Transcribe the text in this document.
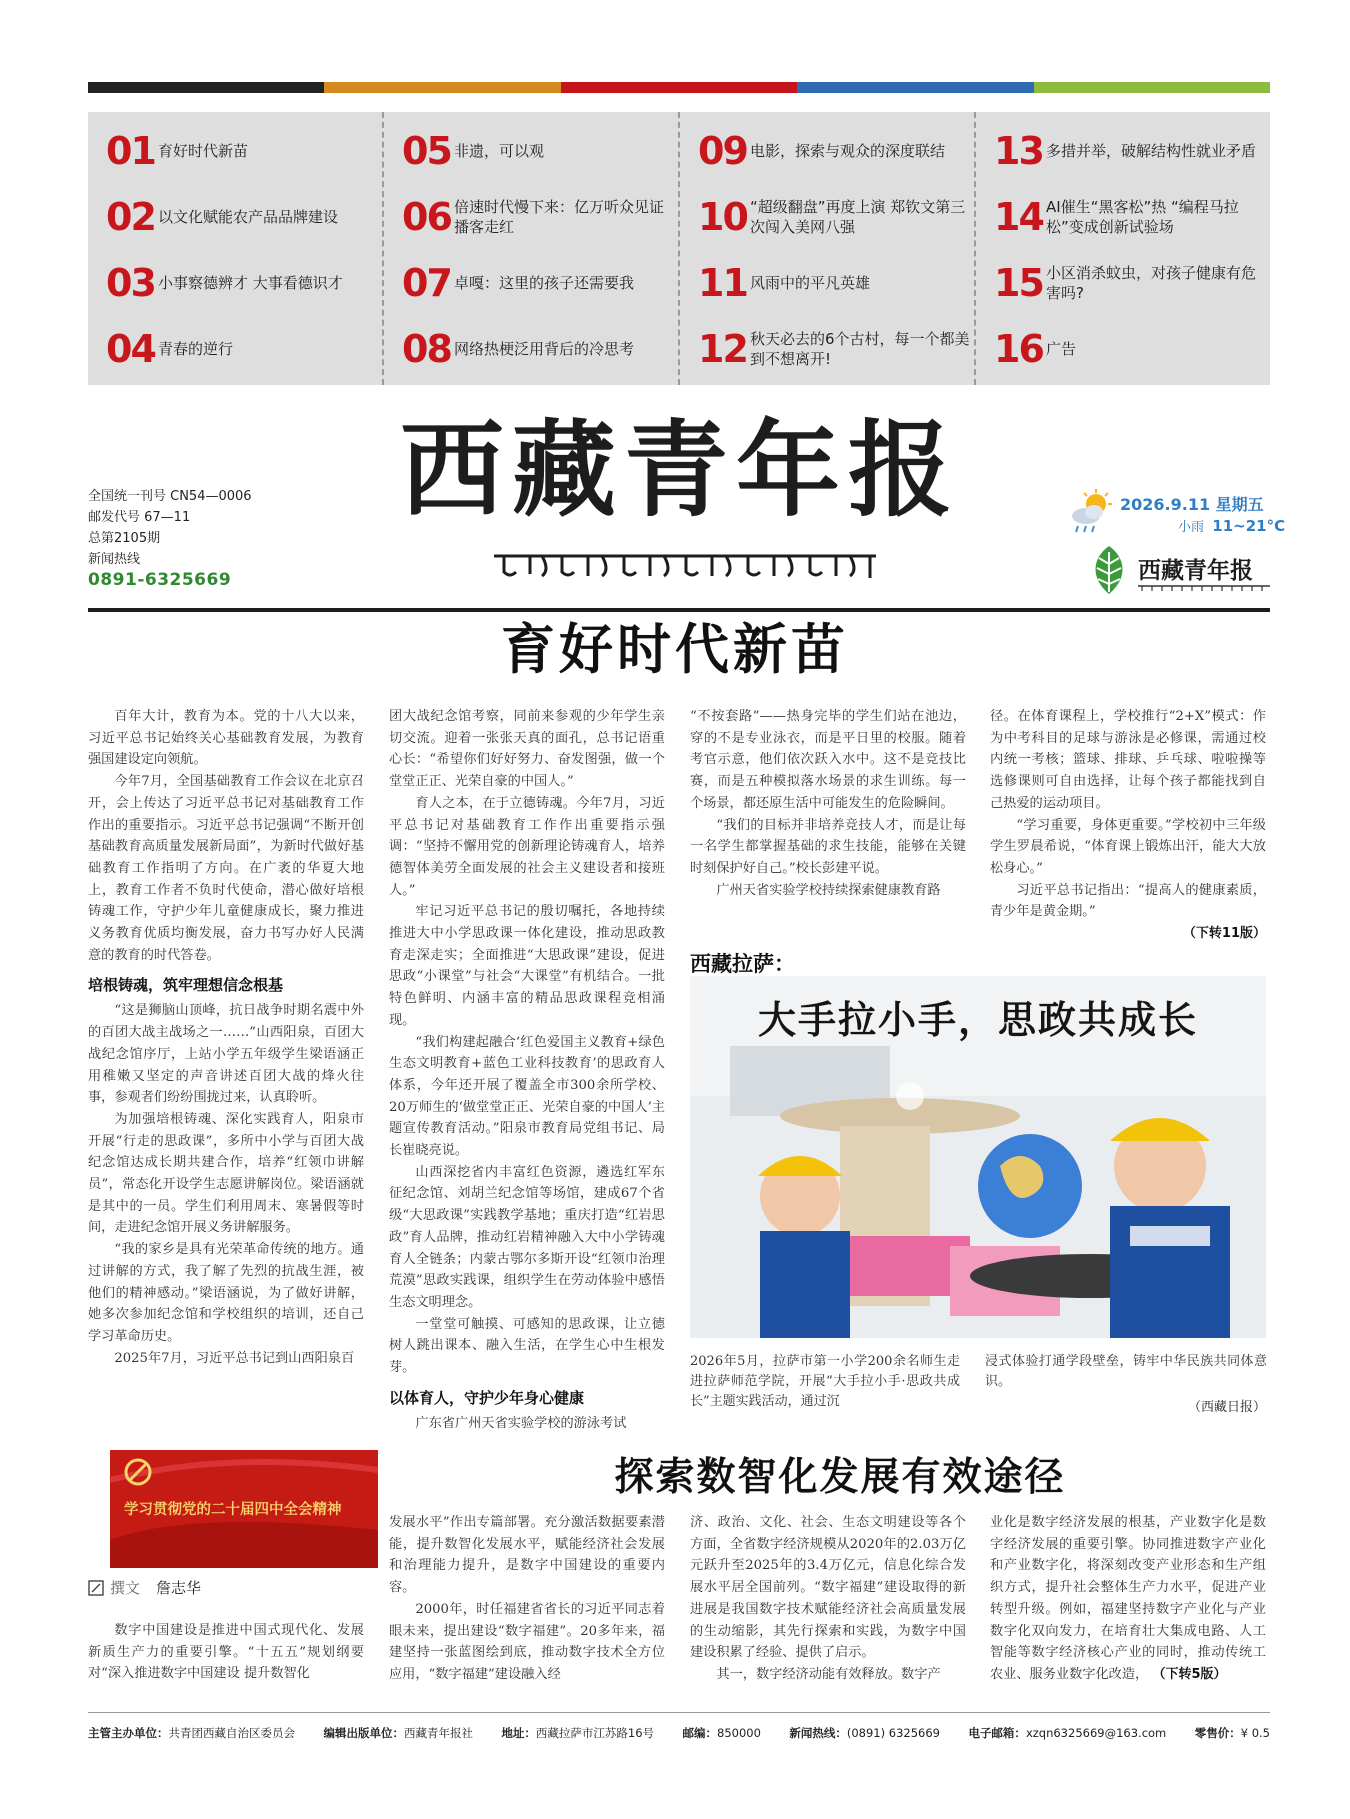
01 育好时代新苗
02 以文化赋能农产品品牌建设
03 小事察德辨才 大事看德识才
04 青春的逆行
05 非遗，可以观
06 倍速时代慢下来：亿万听众见证播客走红
07 卓嘎：这里的孩子还需要我
08 网络热梗泛用背后的冷思考
09 电影，探索与观众的深度联结
10 “超级翻盘”再度上演 郑钦文第三次闯入美网八强
11 风雨中的平凡英雄
12 秋天必去的6个古村，每一个都美到不想离开!
13 多措并举，破解结构性就业矛盾
14 AI催生“黑客松”热 “编程马拉松”变成创新试验场
15 小区消杀蚊虫，对孩子健康有危害吗?
16 广告
西藏青年报
全国统一刊号 CN54—0006
邮发代号 67—11
总第2105期
新闻热线
0891-6325669
2026.9.11 星期五
小雨 11~21°C
西藏青年报
育好时代新苗

百年大计，教育为本。党的十八大以来，习近平总书记始终关心基础教育发展，为教育强国建设定向领航。

今年7月，全国基础教育工作会议在北京召开，会上传达了习近平总书记对基础教育工作作出的重要指示。习近平总书记强调“不断开创基础教育高质量发展新局面”，为新时代做好基础教育工作指明了方向。在广袤的华夏大地上，教育工作者不负时代使命，潜心做好培根铸魂工作，守护少年儿童健康成长，聚力推进义务教育优质均衡发展，奋力书写办好人民满意的教育的时代答卷。

培根铸魂，筑牢理想信念根基

“这是狮脑山顶峰，抗日战争时期名震中外的百团大战主战场之一……”山西阳泉，百团大战纪念馆序厅，上站小学五年级学生梁语涵正用稚嫩又坚定的声音讲述百团大战的烽火往事，参观者们纷纷围拢过来，认真聆听。

为加强培根铸魂、深化实践育人，阳泉市开展“行走的思政课”，多所中小学与百团大战纪念馆达成长期共建合作，培养“红领巾讲解员”，常态化开设学生志愿讲解岗位。梁语涵就是其中的一员。学生们利用周末、寒暑假等时间，走进纪念馆开展义务讲解服务。

“我的家乡是具有光荣革命传统的地方。通过讲解的方式，我了解了先烈的抗战生涯，被他们的精神感动。”梁语涵说，为了做好讲解，她多次参加纪念馆和学校组织的培训，还自己学习革命历史。

2025年7月，习近平总书记到山西阳泉百

团大战纪念馆考察，同前来参观的少年学生亲切交流。迎着一张张天真的面孔，总书记语重心长：“希望你们好好努力、奋发图强，做一个堂堂正正、光荣自豪的中国人。”

育人之本，在于立德铸魂。今年7月，习近平总书记对基础教育工作作出重要指示强调：“坚持不懈用党的创新理论铸魂育人，培养德智体美劳全面发展的社会主义建设者和接班人。”

牢记习近平总书记的殷切嘱托，各地持续推进大中小学思政课一体化建设，推动思政教育走深走实；全面推进“大思政课”建设，促进思政“小课堂”与社会“大课堂”有机结合。一批特色鲜明、内涵丰富的精品思政课程竞相涌现。

“我们构建起融合‘红色爱国主义教育+绿色生态文明教育+蓝色工业科技教育’的思政育人体系，今年还开展了覆盖全市300余所学校、20万师生的‘做堂堂正正、光荣自豪的中国人’主题宣传教育活动。”阳泉市教育局党组书记、局长崔晓亮说。

山西深挖省内丰富红色资源，遴选红军东征纪念馆、刘胡兰纪念馆等场馆，建成67个省级“大思政课”实践教学基地；重庆打造“红岩思政”育人品牌，推动红岩精神融入大中小学铸魂育人全链条；内蒙古鄂尔多斯开设“红领巾治理荒漠”思政实践课，组织学生在劳动体验中感悟生态文明理念。

一堂堂可触摸、可感知的思政课，让立德树人跳出课本、融入生活，在学生心中生根发芽。

以体育人，守护少年身心健康

广东省广州天省实验学校的游泳考试

“不按套路”——热身完毕的学生们站在池边，穿的不是专业泳衣，而是平日里的校服。随着考官示意，他们依次跃入水中。这不是竞技比赛，而是五种模拟落水场景的求生训练。每一个场景，都还原生活中可能发生的危险瞬间。

“我们的目标并非培养竞技人才，而是让每一名学生都掌握基础的求生技能，能够在关键时刻保护好自己。”校长彭建平说。

广州天省实验学校持续探索健康教育路

径。在体育课程上，学校推行“2+X”模式：作为中考科目的足球与游泳是必修课，需通过校内统一考核；篮球、排球、乒乓球、啦啦操等选修课则可自由选择，让每个孩子都能找到自己热爱的运动项目。

“学习重要，身体更重要。”学校初中三年级学生罗晨希说，“体育课上锻炼出汗，能大大放松身心。”

习近平总书记指出：“提高人的健康素质，青少年是黄金期。”

（下转11版）
西藏拉萨：
大手拉小手，思政共成长
2026年5月，拉萨市第一小学200余名师生走进拉萨师范学院，开展“大手拉小手·思政共成长”主题实践活动，通过沉
浸式体验打通学段壁垒，铸牢中华民族共同体意识。
（西藏日报）
学习贯彻党的二十届四中全会精神
撰文 詹志华
探索数智化发展有效途径

数字中国建设是推进中国式现代化、发展新质生产力的重要引擎。“十五五”规划纲要对“深入推进数字中国建设 提升数智化

发展水平”作出专篇部署。充分激活数据要素潜能，提升数智化发展水平，赋能经济社会发展和治理能力提升，是数字中国建设的重要内容。

2000年，时任福建省省长的习近平同志着眼未来，提出建设“数字福建”。20多年来，福建坚持一张蓝图绘到底，推动数字技术全方位应用，“数字福建”建设融入经

济、政治、文化、社会、生态文明建设等各个方面，全省数字经济规模从2020年的2.03万亿元跃升至2025年的3.4万亿元，信息化综合发展水平居全国前列。“数字福建”建设取得的新进展是我国数字技术赋能经济社会高质量发展的生动缩影，其先行探索和实践，为数字中国建设积累了经验、提供了启示。

其一，数字经济动能有效释放。数字产

业化是数字经济发展的根基，产业数字化是数字经济发展的重要引擎。协同推进数字产业化和产业数字化，将深刻改变产业形态和生产组织方式，提升社会整体生产力水平，促进产业转型升级。例如，福建坚持数字产业化与产业数字化双向发力，在培育壮大集成电路、人工智能等数字经济核心产业的同时，推动传统工农业、服务业数字化改造， （下转5版）
主管主办单位：共青团西藏自治区委员会 编辑出版单位：西藏青年报社 地址：西藏拉萨市江苏路16号 邮编：850000 新闻热线：(0891) 6325669 电子邮箱：xzqn6325669@163.com 零售价：¥ 0.5
